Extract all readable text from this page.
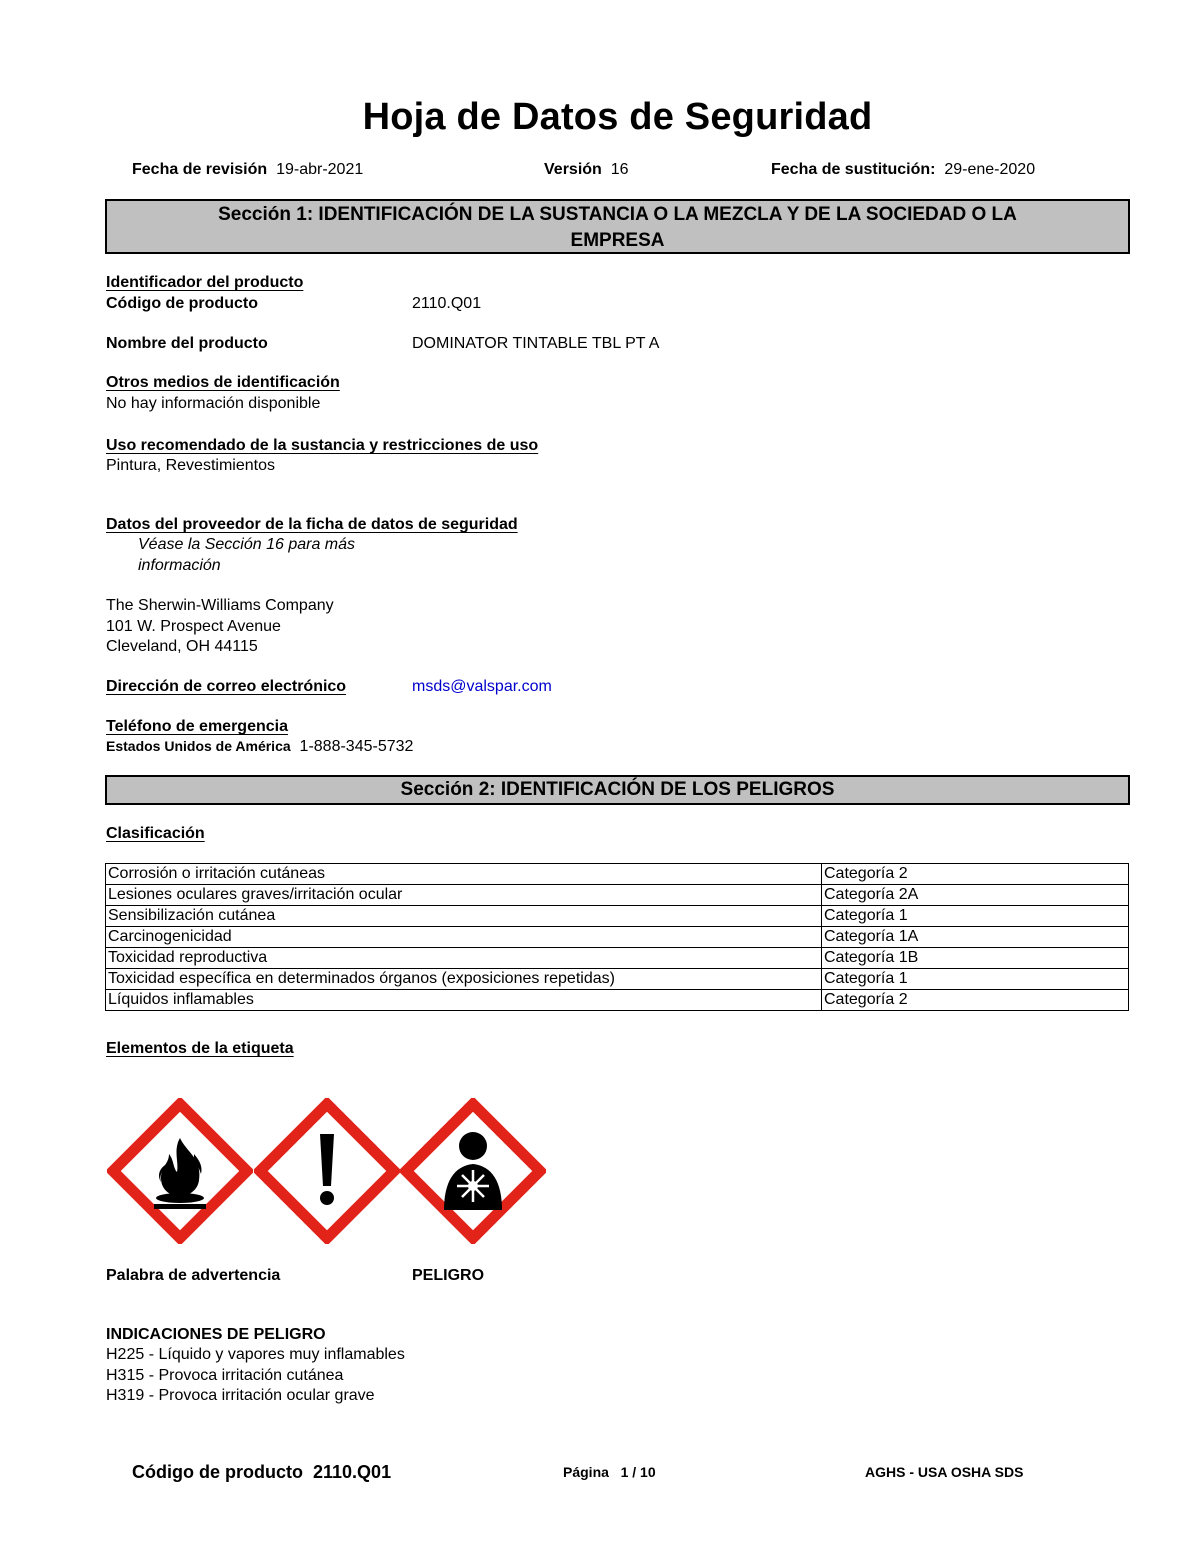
Hoja de Datos de Seguridad
Fecha de revisión 19-abr-2021	Versión 16	Fecha de sustitución: 29-ene-2020
Sección 1: IDENTIFICACIÓN DE LA SUSTANCIA O LA MEZCLA Y DE LA SOCIEDAD O LA
EMPRESA
Identificador del producto
Código de producto	2110.Q01
Nombre del producto	DOMINATOR TINTABLE TBL PT A
Otros medios de identificación
No hay información disponible
Uso recomendado de la sustancia y restricciones de uso
Pintura, Revestimientos
Datos del proveedor de la ficha de datos de seguridad
Véase la Sección 16 para más
información
The Sherwin-Williams Company
101 W. Prospect Avenue
Cleveland, OH 44115
Dirección de correo electrónico	msds@valspar.com
Teléfono de emergencia
Estados Unidos de América 1-888-345-5732
Sección 2: IDENTIFICACIÓN DE LOS PELIGROS
Clasificación
Corrosión o irritación cutáneas	Categoría 2
Lesiones oculares graves/irritación ocular	Categoría 2A
Sensibilización cutánea	Categoría 1
Carcinogenicidad	Categoría 1A
Toxicidad reproductiva	Categoría 1B
Toxicidad específica en determinados órganos (exposiciones repetidas)	Categoría 1
Líquidos inflamables	Categoría 2
Elementos de la etiqueta
Palabra de advertencia	PELIGRO
INDICACIONES DE PELIGRO
H225 - Líquido y vapores muy inflamables
H315 - Provoca irritación cutánea
H319 - Provoca irritación ocular grave
Código de producto 2110.Q01	Página 1 / 10	AGHS - USA OSHA SDS
